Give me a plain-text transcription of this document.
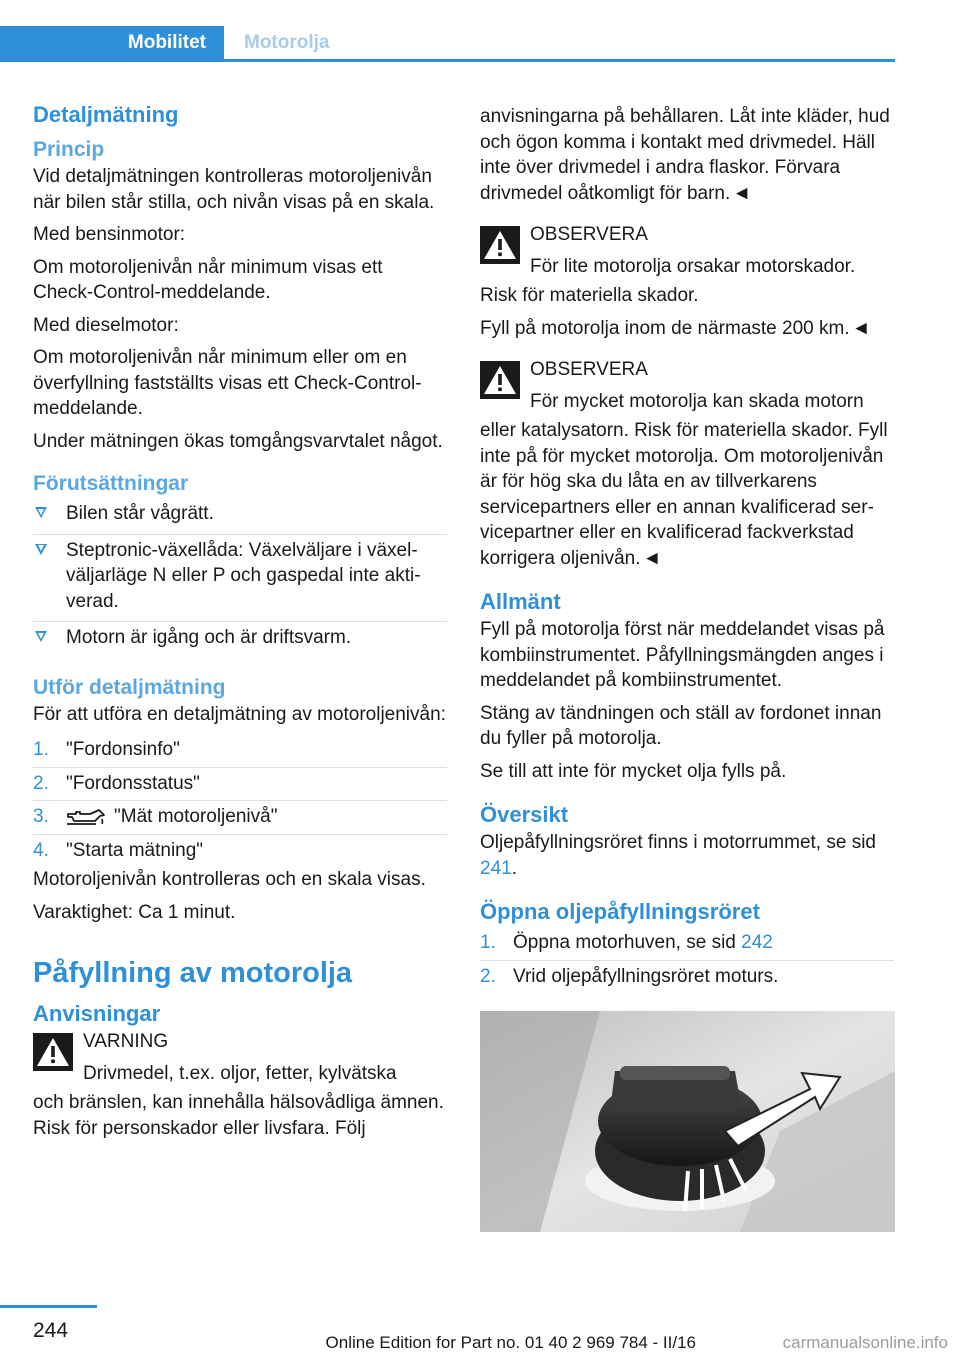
Mobilitet	Motorolja
Detaljmätning
Princip
Vid detaljmätningen kontrolleras motoroljenivån när bilen står stilla, och nivån visas på en skala.
Med bensinmotor:
Om motoroljenivån når minimum visas ett Check-Control-meddelande.
Med dieselmotor:
Om motoroljenivån når minimum eller om en överfyllning fastställts visas ett Check-Control-meddelande.
Under mätningen ökas tomgångsvarvtalet något.
Förutsättningar
Bilen står vågrätt.
Steptronic-växellåda: Växelväljare i växelväljarläge N eller P och gaspedal inte aktiverad.
Motorn är igång och är driftsvarm.
Utför detaljmätning
För att utföra en detaljmätning av motoroljenivån:
1. "Fordonsinfo"
2. "Fordonsstatus"
3.	"Mät motoroljenivå"
4. "Starta mätning"
Motoroljenivån kontrolleras och en skala visas.
Varaktighet: Ca 1 minut.
Påfyllning av motorolja
Anvisningar
VARNING
Drivmedel, t.ex. oljor, fetter, kylvätska
och bränslen, kan innehålla hälsovådliga ämnen. Risk för personskador eller livsfara. Följ
anvisningarna på behållaren. Låt inte kläder, hud och ögon komma i kontakt med drivmedel. Häll inte över drivmedel i andra flaskor. Förvara drivmedel oåtkomligt för barn. ◄
OBSERVERA
För lite motorolja orsakar motorskador.
Risk för materiella skador.
Fyll på motorolja inom de närmaste 200 km. ◄
OBSERVERA
För mycket motorolja kan skada motorn
eller katalysatorn. Risk för materiella skador. Fyll inte på för mycket motorolja. Om motoroljenivån är för hög ska du låta en av tillverkarens servicepartners eller en annan kvalificerad servicepartner eller en kvalificerad fackverkstad korrigera oljenivån. ◄
Allmänt
Fyll på motorolja först när meddelandet visas på kombiinstrumentet. Påfyllningsmängden anges i meddelandet på kombiinstrumentet.
Stäng av tändningen och ställ av fordonet innan du fyller på motorolja.
Se till att inte för mycket olja fylls på.
Översikt
Oljepåfyllningsröret finns i motorrummet, se sid 241.
Öppna oljepåfyllningsröret
1. Öppna motorhuven, se sid 242
2. Vrid oljepåfyllningsröret moturs.
244
Online Edition for Part no. 01 40 2 969 784 - II/16	carmanualsonline.info
